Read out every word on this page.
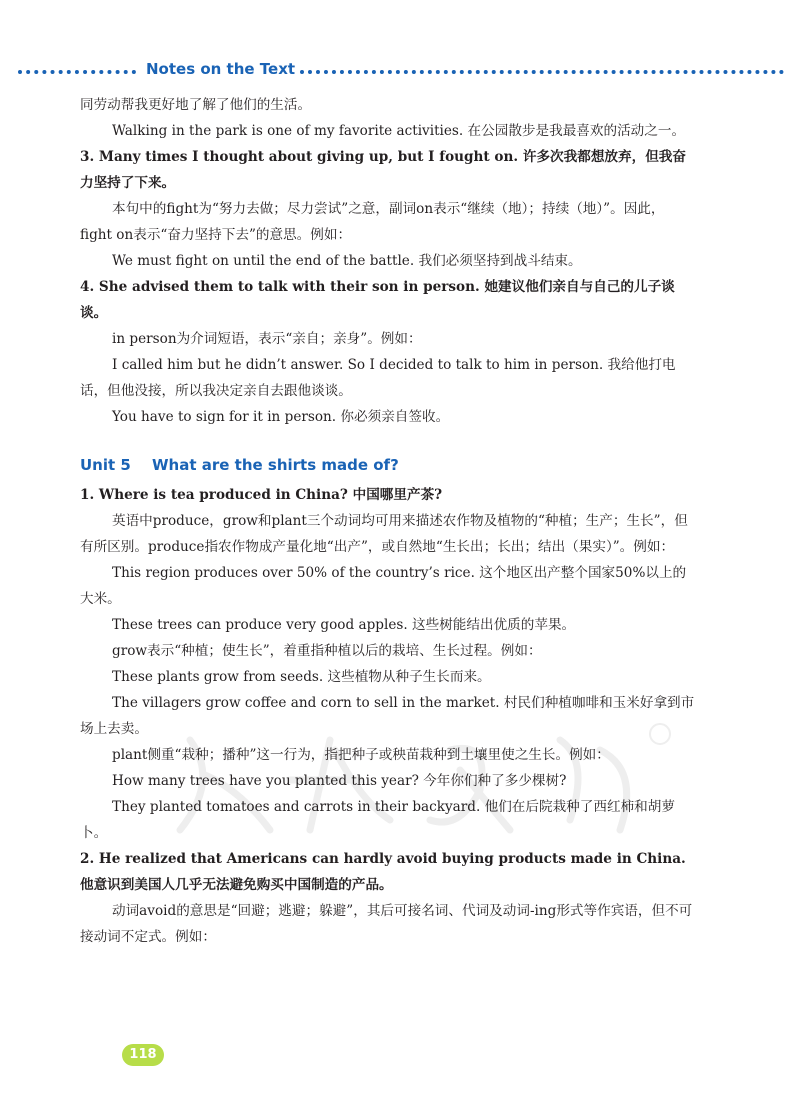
Notes on the Text

同劳动帮我更好地了解了他们的生活。

Walking in the park is one of my favorite activities. 在公园散步是我最喜欢的活动之一。

3. Many times I thought about giving up, but I fought on. 许多次我都想放弃，但我奋力坚持了下来。

本句中的fight为“努力去做；尽力尝试”之意，副词on表示“继续（地）；持续（地）”。因此，fight on表示“奋力坚持下去”的意思。例如：

We must fight on until the end of the battle. 我们必须坚持到战斗结束。

4. She advised them to talk with their son in person. 她建议他们亲自与自己的儿子谈谈。

in person为介词短语，表示“亲自；亲身”。例如：

I called him but he didn’t answer. So I decided to talk to him in person. 我给他打电话，但他没接，所以我决定亲自去跟他谈谈。

You have to sign for it in person. 你必须亲自签收。

Unit 5 What are the shirts made of?

1. Where is tea produced in China? 中国哪里产茶?

英语中produce，grow和plant三个动词均可用来描述农作物及植物的“种植；生产；生长”，但有所区别。produce指农作物成产量化地“出产”，或自然地“生长出；长出；结出（果实）”。例如：

This region produces over 50% of the country’s rice. 这个地区出产整个国家50%以上的大米。

These trees can produce very good apples. 这些树能结出优质的苹果。

grow表示“种植；使生长”，着重指种植以后的栽培、生长过程。例如：

These plants grow from seeds. 这些植物从种子生长而来。

The villagers grow coffee and corn to sell in the market. 村民们种植咖啡和玉米好拿到市场上去卖。

plant侧重“栽种；播种”这一行为，指把种子或秧苗栽种到土壤里使之生长。例如：

How many trees have you planted this year? 今年你们种了多少棵树?

They planted tomatoes and carrots in their backyard. 他们在后院栽种了西红柿和胡萝卜。

2. He realized that Americans can hardly avoid buying products made in China. 他意识到美国人几乎无法避免购买中国制造的产品。

动词avoid的意思是“回避；逃避；躲避”，其后可接名词、代词及动词-ing形式等作宾语，但不可接动词不定式。例如：

118
